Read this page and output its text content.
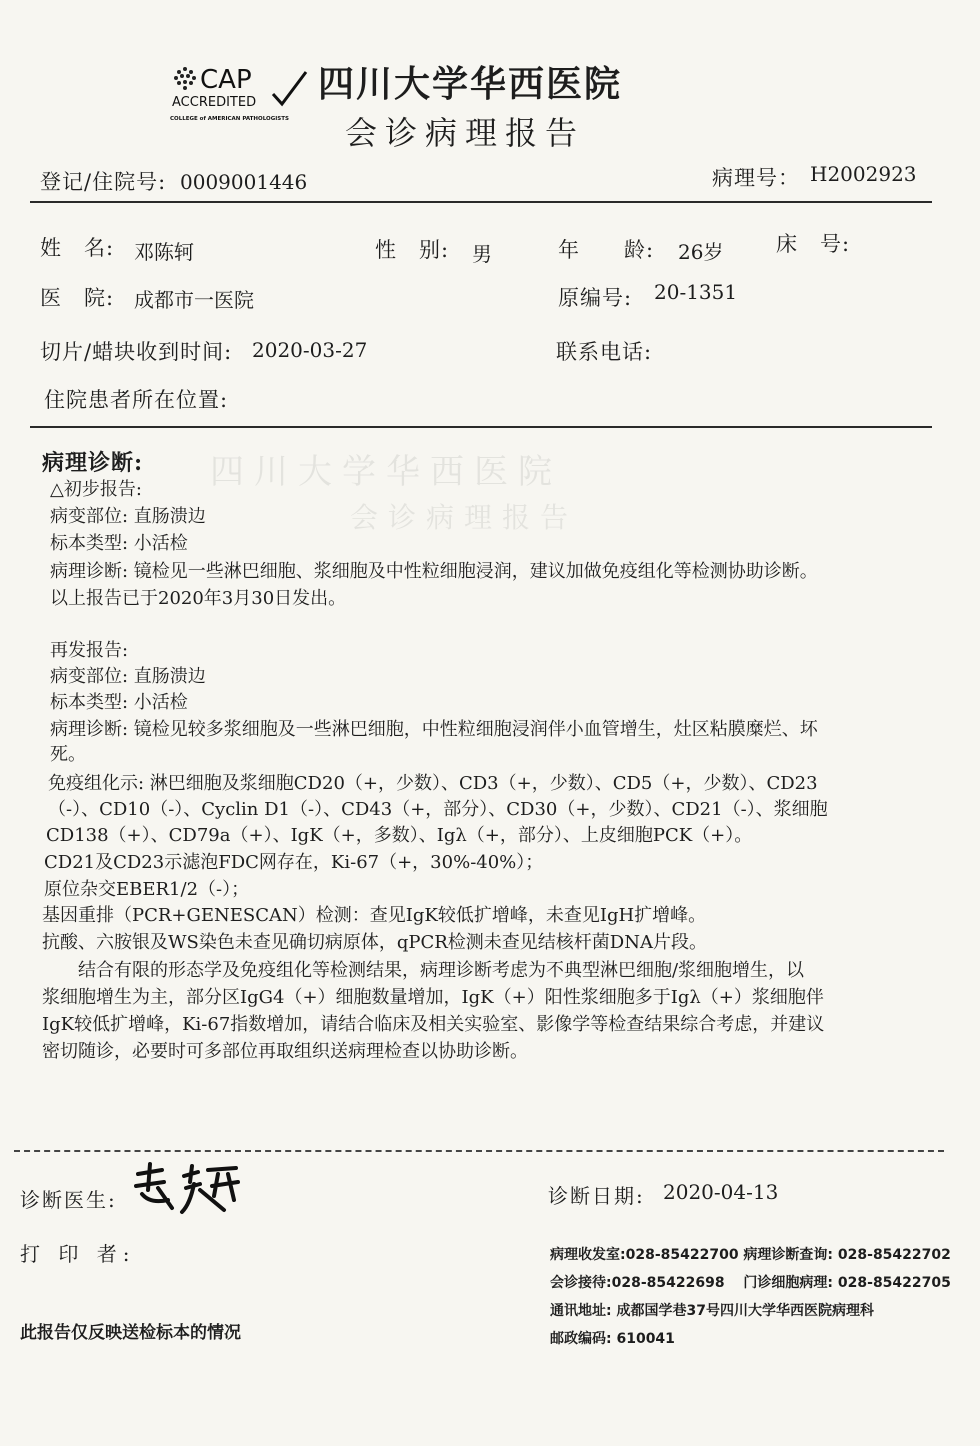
四川大学华西医院
会诊病理报告
CAP
ACCREDITED
COLLEGE of AMERICAN PATHOLOGISTS
四川大学华西医院
会诊病理报告
登记/住院号: 0009001446	病理号： H2002923
姓　名: 邓陈轲	性　别: 男	年　　龄: 26岁	床　号:
医　院: 成都市一医院	原编号: 20-1351
切片/蜡块收到时间: 2020-03-27	联系电话:
住院患者所在位置:
病理诊断:
△初步报告:
病变部位: 直肠溃边
标本类型: 小活检
病理诊断: 镜检见一些淋巴细胞、浆细胞及中性粒细胞浸润，建议加做免疫组化等检测协助诊断。
以上报告已于2020年3月30日发出。
再发报告:
病变部位: 直肠溃边
标本类型: 小活检
病理诊断: 镜检见较多浆细胞及一些淋巴细胞，中性粒细胞浸润伴小血管增生，灶区粘膜糜烂、坏
死。
免疫组化示: 淋巴细胞及浆细胞CD20（+，少数）、CD3（+，少数）、CD5（+，少数）、CD23
（-）、CD10（-）、Cyclin D1（-）、CD43（+，部分）、CD30（+，少数）、CD21（-）、浆细胞
CD138（+）、CD79a（+）、IgK（+，多数）、Igλ（+，部分）、上皮细胞PCK（+）。
CD21及CD23示滤泡FDC网存在，Ki-67（+，30%-40%）；
原位杂交EBER1/2（-）；
基因重排（PCR+GENESCAN）检测：查见IgK较低扩增峰，未查见IgH扩增峰。
抗酸、六胺银及WS染色未查见确切病原体，qPCR检测未查见结核杆菌DNA片段。
　　结合有限的形态学及免疫组化等检测结果，病理诊断考虑为不典型淋巴细胞/浆细胞增生，以
浆细胞增生为主，部分区IgG4（+）细胞数量增加，IgK（+）阳性浆细胞多于Igλ（+）浆细胞伴
IgK较低扩增峰，Ki-67指数增加，请结合临床及相关实验室、影像学等检查结果综合考虑，并建议
密切随诊，必要时可多部位再取组织送病理检查以协助诊断。
诊断医生:	诊断日期: 2020-04-13
打 印 者:	病理收发室:028-85422700 病理诊断查询: 028-85422702
会诊接待:028-85422698　 门诊细胞病理: 028-85422705
通讯地址: 成都国学巷37号四川大学华西医院病理科
邮政编码: 610041
此报告仅反映送检标本的情况
